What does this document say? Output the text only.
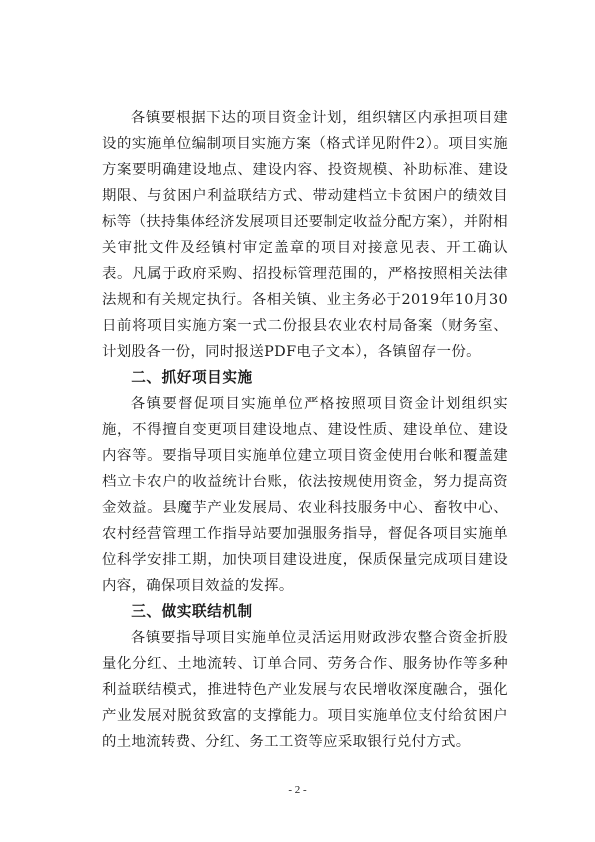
各镇要根据下达的项目资金计划，组织辖区内承担项目建设的实施单位编制项目实施方案（格式详见附件2）。项目实施方案要明确建设地点、建设内容、投资规模、补助标准、建设期限、与贫困户利益联结方式、带动建档立卡贫困户的绩效目标等（扶持集体经济发展项目还要制定收益分配方案），并附相关审批文件及经镇村审定盖章的项目对接意见表、开工确认表。凡属于政府采购、招投标管理范围的，严格按照相关法律法规和有关规定执行。各相关镇、业主务必于2019年10月30日前将项目实施方案一式二份报县农业农村局备案（财务室、计划股各一份，同时报送PDF电子文本），各镇留存一份。

二、抓好项目实施

各镇要督促项目实施单位严格按照项目资金计划组织实施，不得擅自变更项目建设地点、建设性质、建设单位、建设内容等。要指导项目实施单位建立项目资金使用台帐和覆盖建档立卡农户的收益统计台账，依法按规使用资金，努力提高资金效益。县魔芋产业发展局、农业科技服务中心、畜牧中心、农村经营管理工作指导站要加强服务指导，督促各项目实施单位科学安排工期，加快项目建设进度，保质保量完成项目建设内容，确保项目效益的发挥。

三、做实联结机制

各镇要指导项目实施单位灵活运用财政涉农整合资金折股量化分红、土地流转、订单合同、劳务合作、服务协作等多种利益联结模式，推进特色产业发展与农民增收深度融合，强化产业发展对脱贫致富的支撑能力。项目实施单位支付给贫困户的土地流转费、分红、务工工资等应采取银行兑付方式。

- 2 -
